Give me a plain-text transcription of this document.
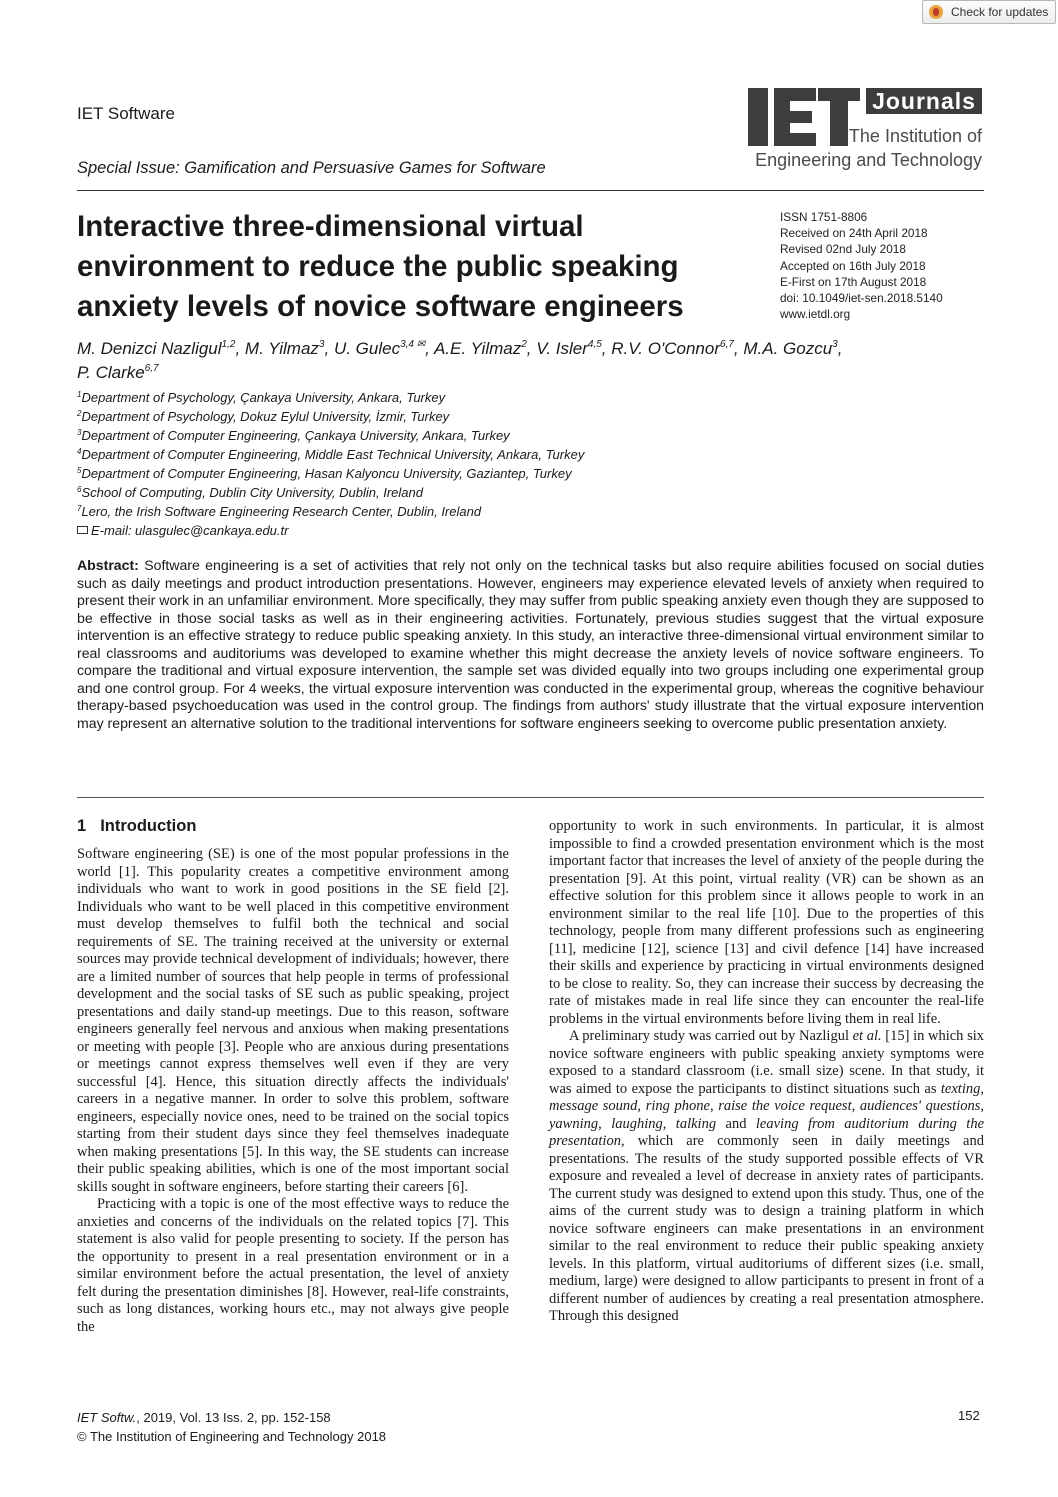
Check for updates
IET Software
Special Issue: Gamification and Persuasive Games for Software
Journals
The Institution of
Engineering and Technology
Interactive three-dimensional virtual
environment to reduce the public speaking
anxiety levels of novice software engineers
ISSN 1751-8806
Received on 24th April 2018
Revised 02nd July 2018
Accepted on 16th July 2018
E-First on 17th August 2018
doi: 10.1049/iet-sen.2018.5140
www.ietdl.org
M. Denizci Nazligul$^{1,2}$, M. Yilmaz$^3$, U. Gulec$^{3,4 ✉}$, A.E. Yilmaz$^2$, V. Isler$^{4,5}$, R.V. O'Connor$^{6,7}$, M.A. Gozcu$^3$,
P. Clarke$^{6,7}$
$^1$Department of Psychology, Çankaya University, Ankara, Turkey
$^2$Department of Psychology, Dokuz Eylul University, İzmir, Turkey
$^3$Department of Computer Engineering, Çankaya University, Ankara, Turkey
$^4$Department of Computer Engineering, Middle East Technical University, Ankara, Turkey
$^5$Department of Computer Engineering, Hasan Kalyoncu University, Gaziantep, Turkey
$^6$School of Computing, Dublin City University, Dublin, Ireland
$^7$Lero, the Irish Software Engineering Research Center, Dublin, Ireland
E-mail: ulasgulec@cankaya.edu.tr
Abstract: Software engineering is a set of activities that rely not only on the technical tasks but also require abilities focused on social duties such as daily meetings and product introduction presentations. However, engineers may experience elevated levels of anxiety when required to present their work in an unfamiliar environment. More specifically, they may suffer from public speaking anxiety even though they are supposed to be effective in those social tasks as well as in their engineering activities. Fortunately, previous studies suggest that the virtual exposure intervention is an effective strategy to reduce public speaking anxiety. In this study, an interactive three-dimensional virtual environment similar to real classrooms and auditoriums was developed to examine whether this might decrease the anxiety levels of novice software engineers. To compare the traditional and virtual exposure intervention, the sample set was divided equally into two groups including one experimental group and one control group. For 4 weeks, the virtual exposure intervention was conducted in the experimental group, whereas the cognitive behaviour therapy-based psychoeducation was used in the control group. The findings from authors' study illustrate that the virtual exposure intervention may represent an alternative solution to the traditional interventions for software engineers seeking to overcome public presentation anxiety.
1 Introduction

Software engineering (SE) is one of the most popular professions in the world [1]. This popularity creates a competitive environment among individuals who want to work in good positions in the SE field [2]. Individuals who want to be well placed in this competitive environment must develop themselves to fulfil both the technical and social requirements of SE. The training received at the university or external sources may provide technical development of individuals; however, there are a limited number of sources that help people in terms of professional development and the social tasks of SE such as public speaking, project presentations and daily stand-up meetings. Due to this reason, software engineers generally feel nervous and anxious when making presentations or meeting with people [3]. People who are anxious during presentations or meetings cannot express themselves well even if they are very successful [4]. Hence, this situation directly affects the individuals' careers in a negative manner. In order to solve this problem, software engineers, especially novice ones, need to be trained on the social topics starting from their student days since they feel themselves inadequate when making presentations [5]. In this way, the SE students can increase their public speaking abilities, which is one of the most important social skills sought in software engineers, before starting their careers [6].

Practicing with a topic is one of the most effective ways to reduce the anxieties and concerns of the individuals on the related topics [7]. This statement is also valid for people presenting to society. If the person has the opportunity to present in a real presentation environment or in a similar environment before the actual presentation, the level of anxiety felt during the presentation diminishes [8]. However, real-life constraints, such as long distances, working hours etc., may not always give people the

opportunity to work in such environments. In particular, it is almost impossible to find a crowded presentation environment which is the most important factor that increases the level of anxiety of the people during the presentation [9]. At this point, virtual reality (VR) can be shown as an effective solution for this problem since it allows people to work in an environment similar to the real life [10]. Due to the properties of this technology, people from many different professions such as engineering [11], medicine [12], science [13] and civil defence [14] have increased their skills and experience by practicing in virtual environments designed to be close to reality. So, they can increase their success by decreasing the rate of mistakes made in real life since they can encounter the real-life problems in the virtual environments before living them in real life.

A preliminary study was carried out by Nazligul et al. [15] in which six novice software engineers with public speaking anxiety symptoms were exposed to a standard classroom (i.e. small size) scene. In that study, it was aimed to expose the participants to distinct situations such as texting, message sound, ring phone, raise the voice request, audiences' questions, yawning, laughing, talking and leaving from auditorium during the presentation, which are commonly seen in daily meetings and presentations. The results of the study supported possible effects of VR exposure and revealed a level of decrease in anxiety rates of participants. The current study was designed to extend upon this study. Thus, one of the aims of the current study was to design a training platform in which novice software engineers can make presentations in an environment similar to the real environment to reduce their public speaking anxiety levels. In this platform, virtual auditoriums of different sizes (i.e. small, medium, large) were designed to allow participants to present in front of a different number of audiences by creating a real presentation atmosphere. Through this designed

IET Softw., 2019, Vol. 13 Iss. 2, pp. 152-158
© The Institution of Engineering and Technology 2018
152
